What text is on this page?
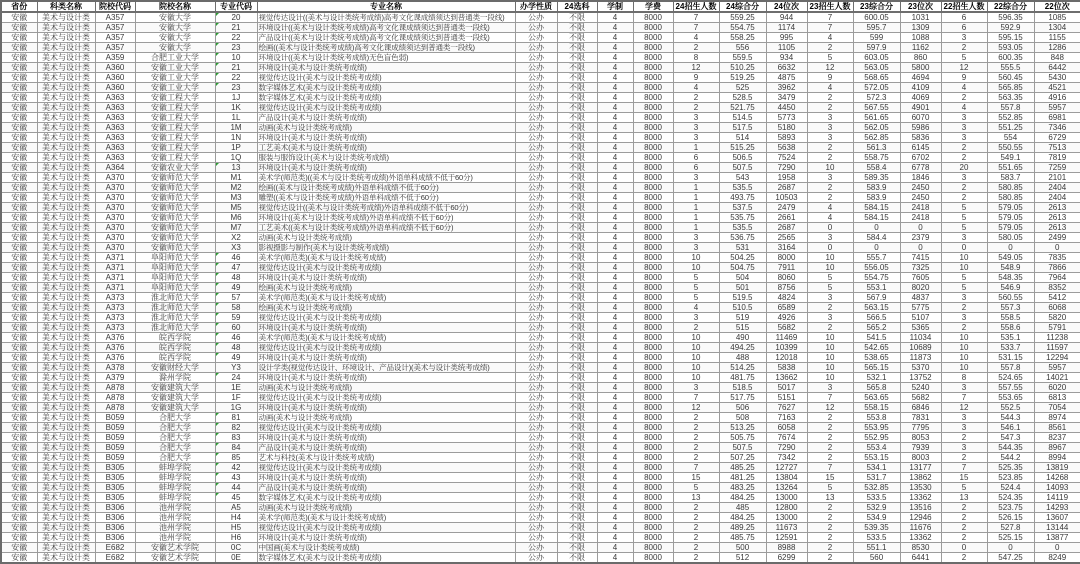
省份	科类名称	院校代码	院校名称	专业代码	专业名称	办学性质	24选科	学制	学费	24招生人数	24综合分	24位次	23招生人数	23综合分	23位次	22招生人数	22综合分	22位次
安徽	美术与设计类	A357	安徽大学	20	视觉传达设计((美术与设计类统考成绩)高考文化课成绩须达到普通类一段线)	公办	不限	4	8000	7	559.25	944	7	600.05	1031	6	596.35	1085
安徽	美术与设计类	A357	安徽大学	21	环境设计((美术与设计类统考成绩)高考文化课成绩须达到普通类一段线)	公办	不限	4	8000	7	554.75	1174	7	595.7	1309	6	592.9	1304
安徽	美术与设计类	A357	安徽大学	22	产品设计((美术与设计类统考成绩)高考文化课成绩须达到普通类一段线)	公办	不限	4	8000	4	558.25	995	4	599	1088	3	595.15	1155
安徽	美术与设计类	A357	安徽大学	23	绘画((美术与设计类统考成绩)高考文化课成绩须达到普通类一段线)	公办	不限	4	8000	2	556	1105	2	597.9	1162	2	593.05	1286
安徽	美术与设计类	A359	合肥工业大学	10	环境设计((美术与设计类统考成绩)无色盲色弱)	公办	不限	4	8000	8	559.5	934	5	603.05	860	5	600.35	848
安徽	美术与设计类	A360	安徽工业大学	21	环境设计(美术与设计类统考成绩)	公办	不限	4	8000	12	510.25	6632	12	563.05	5800	12	555.5	6442
安徽	美术与设计类	A360	安徽工业大学	22	视觉传达设计(美术与设计类统考成绩)	公办	不限	4	8000	9	519.25	4875	9	568.65	4694	9	560.45	5430
安徽	美术与设计类	A360	安徽工业大学	23	数字媒体艺术(美术与设计类统考成绩)	公办	不限	4	8000	4	525	3962	4	572.05	4109	4	565.85	4521
安徽	美术与设计类	A363	安徽工程大学	1J	数字媒体艺术(美术与设计类统考成绩)	公办	不限	4	8000	2	528.5	3479	2	572.3	4069	2	563.35	4916
安徽	美术与设计类	A363	安徽工程大学	1K	视觉传达设计(美术与设计类统考成绩)	公办	不限	4	8000	2	521.75	4450	2	567.55	4901	4	557.8	5957
安徽	美术与设计类	A363	安徽工程大学	1L	产品设计(美术与设计类统考成绩)	公办	不限	4	8000	3	514.5	5773	3	561.65	6070	3	552.85	6981
安徽	美术与设计类	A363	安徽工程大学	1M	动画(美术与设计类统考成绩)	公办	不限	4	8000	3	517.5	5180	3	562.05	5986	3	551.25	7346
安徽	美术与设计类	A363	安徽工程大学	1N	环境设计(美术与设计类统考成绩)	公办	不限	4	8000	3	514	5893	3	562.85	5836	3	554	6729
安徽	美术与设计类	A363	安徽工程大学	1P	工艺美术(美术与设计类统考成绩)	公办	不限	4	8000	1	515.25	5638	2	561.3	6145	2	550.55	7513
安徽	美术与设计类	A363	安徽工程大学	1Q	服装与服饰设计(美术与设计类统考成绩)	公办	不限	4	8000	6	506.5	7524	2	558.75	6702	2	549.1	7819
安徽	美术与设计类	A364	安徽农业大学	13	环境设计(美术与设计类统考成绩)	公办	不限	4	8000	6	507.5	7290	10	558.4	6778	20	551.65	7259
安徽	美术与设计类	A370	安徽师范大学	M1	美术学(师范类)((美术与设计类统考成绩)外语单科成绩不低于60分)	公办	不限	4	8000	3	543	1958	3	589.35	1846	3	583.7	2101
安徽	美术与设计类	A370	安徽师范大学	M2	绘画((美术与设计类统考成绩)外语单科成绩不低于60分)	公办	不限	4	8000	1	535.5	2687	2	583.9	2450	2	580.85	2404
安徽	美术与设计类	A370	安徽师范大学	M3	雕塑((美术与设计类统考成绩)外语单科成绩不低于60分)	公办	不限	4	8000	1	493.75	10503	2	583.9	2450	2	580.85	2404
安徽	美术与设计类	A370	安徽师范大学	M5	视觉传达设计((美术与设计类统考成绩)外语单科成绩不低于60分)	公办	不限	4	8000	1	537.5	2479	4	584.15	2418	5	579.05	2613
安徽	美术与设计类	A370	安徽师范大学	M6	环境设计((美术与设计类统考成绩)外语单科成绩不低于60分)	公办	不限	4	8000	1	535.75	2661	4	584.15	2418	5	579.05	2613
安徽	美术与设计类	A370	安徽师范大学	M7	工艺美术((美术与设计类统考成绩)外语单科成绩不低于60分)	公办	不限	4	8000	1	535.5	2687	0	0	0	5	579.05	2613
安徽	美术与设计类	A370	安徽师范大学	X2	动画(美术与设计类统考成绩)	公办	不限	4	8000	3	536.75	2565	3	584.4	2379	3	580.05	2499
安徽	美术与设计类	A370	安徽师范大学	X3	影视摄影与制作(美术与设计类统考成绩)	公办	不限	4	8000	3	531	3164	0	0	0	0	0	0
安徽	美术与设计类	A371	阜阳师范大学	46	美术学(师范类)(美术与设计类统考成绩)	公办	不限	4	8000	10	504.25	8000	10	555.7	7415	10	549.05	7835
安徽	美术与设计类	A371	阜阳师范大学	47	视觉传达设计(美术与设计类统考成绩)	公办	不限	4	8000	10	504.75	7911	10	556.05	7325	10	548.9	7866
安徽	美术与设计类	A371	阜阳师范大学	48	环境设计(美术与设计类统考成绩)	公办	不限	4	8000	5	504	8060	5	554.75	7605	5	548.35	7964
安徽	美术与设计类	A371	阜阳师范大学	49	绘画(美术与设计类统考成绩)	公办	不限	4	8000	5	501	8756	5	553.1	8020	5	546.9	8352
安徽	美术与设计类	A373	淮北师范大学	57	美术学(师范类)(美术与设计类统考成绩)	公办	不限	4	8000	5	519.5	4824	3	567.9	4837	3	560.55	5412
安徽	美术与设计类	A373	淮北师范大学	58	绘画(美术与设计类统考成绩)	公办	不限	4	8000	4	510.5	6589	2	563.15	5775	2	557.3	6068
安徽	美术与设计类	A373	淮北师范大学	59	视觉传达设计(美术与设计类统考成绩)	公办	不限	4	8000	3	519	4926	3	566.5	5107	3	558.5	5820
安徽	美术与设计类	A373	淮北师范大学	60	环境设计(美术与设计类统考成绩)	公办	不限	4	8000	2	515	5682	2	565.2	5365	2	558.6	5791
安徽	美术与设计类	A376	皖西学院	46	美术学(师范类)(美术与设计类统考成绩)	公办	不限	4	8000	10	490	11469	10	541.5	11034	10	535.1	11238
安徽	美术与设计类	A376	皖西学院	48	视觉传达设计(美术与设计类统考成绩)	公办	不限	4	8000	10	494.25	10399	10	542.65	10689	10	533.7	11597
安徽	美术与设计类	A376	皖西学院	49	环境设计(美术与设计类统考成绩)	公办	不限	4	8000	10	488	12018	10	538.65	11873	10	531.15	12294
安徽	美术与设计类	A378	安徽财经大学	Y3	设计学类(视觉传达设计、环境设计、产品设计)(美术与设计类统考成绩)	公办	不限	4	8000	10	514.25	5838	10	565.15	5370	10	557.8	5957
安徽	美术与设计类	A379	滁州学院	24	环境设计(美术与设计类统考成绩)	公办	不限	4	8000	10	481.75	13662	10	532.1	13752	8	524.65	14021
安徽	美术与设计类	A878	安徽建筑大学	1E	动画(美术与设计类统考成绩)	公办	不限	4	8000	3	518.5	5017	3	565.8	5240	3	557.55	6020
安徽	美术与设计类	A878	安徽建筑大学	1F	视觉传达设计(美术与设计类统考成绩)	公办	不限	4	8000	7	517.75	5151	7	563.65	5682	7	553.65	6813
安徽	美术与设计类	A878	安徽建筑大学	1G	环境设计(美术与设计类统考成绩)	公办	不限	4	8000	12	506	7627	12	558.15	6846	12	552.5	7054
安徽	美术与设计类	B059	合肥大学	81	动画(美术与设计类统考成绩)	公办	不限	4	8000	2	508	7163	2	553.8	7831	3	544.3	8974
安徽	美术与设计类	B059	合肥大学	82	视觉传达设计(美术与设计类统考成绩)	公办	不限	4	8000	2	513.25	6058	2	553.95	7795	3	546.1	8561
安徽	美术与设计类	B059	合肥大学	83	环境设计(美术与设计类统考成绩)	公办	不限	4	8000	2	505.75	7674	2	552.95	8053	2	547.3	8237
安徽	美术与设计类	B059	合肥大学	84	产品设计(美术与设计类统考成绩)	公办	不限	4	8000	2	507.5	7290	2	553.4	7939	3	544.35	8967
安徽	美术与设计类	B059	合肥大学	85	艺术与科技(美术与设计类统考成绩)	公办	不限	4	8000	2	507.25	7342	2	553.15	8003	2	544.2	8994
安徽	美术与设计类	B305	蚌埠学院	42	视觉传达设计(美术与设计类统考成绩)	公办	不限	4	8000	7	485.25	12727	7	534.1	13177	7	525.35	13819
安徽	美术与设计类	B305	蚌埠学院	43	环境设计(美术与设计类统考成绩)	公办	不限	4	8000	15	481.25	13804	15	531.7	13862	15	523.85	14268
安徽	美术与设计类	B305	蚌埠学院	44	产品设计(美术与设计类统考成绩)	公办	不限	4	8000	5	483.25	13264	5	532.85	13530	5	524.4	14093
安徽	美术与设计类	B305	蚌埠学院	45	数字媒体艺术(美术与设计类统考成绩)	公办	不限	4	8000	13	484.25	13000	13	533.5	13362	13	524.35	14119
安徽	美术与设计类	B306	池州学院	A5	动画(美术与设计类统考成绩)	公办	不限	4	8000	2	485	12800	2	532.9	13516	2	523.75	14293
安徽	美术与设计类	B306	池州学院	H4	美术学(师范类)(美术与设计类统考成绩)	公办	不限	4	8000	2	484.25	13000	2	534.9	12946	2	526.15	13607
安徽	美术与设计类	B306	池州学院	H5	视觉传达设计(美术与设计类统考成绩)	公办	不限	4	8000	2	489.25	11673	2	539.35	11676	2	527.8	13144
安徽	美术与设计类	B306	池州学院	H6	环境设计(美术与设计类统考成绩)	公办	不限	4	8000	2	485.75	12591	2	533.5	13362	2	525.15	13877
安徽	美术与设计类	E682	安徽艺术学院	0C	中国画(美术与设计类统考成绩)	公办	不限	4	8000	2	500	8988	2	551.1	8530	0	0	0
安徽	美术与设计类	E682	安徽艺术学院	0E	数字媒体艺术(美术与设计类统考成绩)	公办	不限	4	8000	2	512	6299	2	560	6441	2	547.25	8249
